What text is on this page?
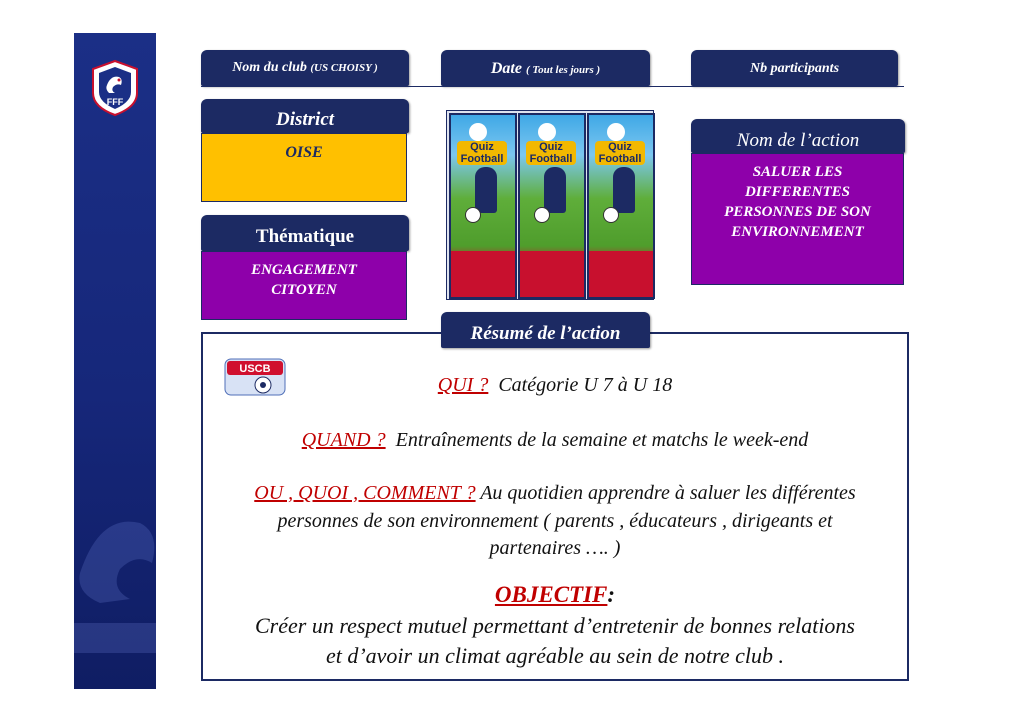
FFF
Nom du club (US CHOISY )	Date ( Tout les jours )	Nb participants
District
OISE
Thématique
ENGAGEMENT
CITOYEN
Quiz
Football
Quiz
Football
Quiz
Football
Nom de l’action
SALUER LES
DIFFERENTES
PERSONNES DE SON
ENVIRONNEMENT
QUI ? Catégorie U 7 à U 18
QUAND ? Entraînements de la semaine et matchs le week-end
OU , QUOI , COMMENT ? Au quotidien apprendre à saluer les différentes
personnes de son environnement ( parents , éducateurs , dirigeants et
partenaires …. )
OBJECTIF:
Créer un respect mutuel permettant d’entretenir de bonnes relations
et d’avoir un climat agréable au sein de notre club .
USCB
Résumé de l’action
